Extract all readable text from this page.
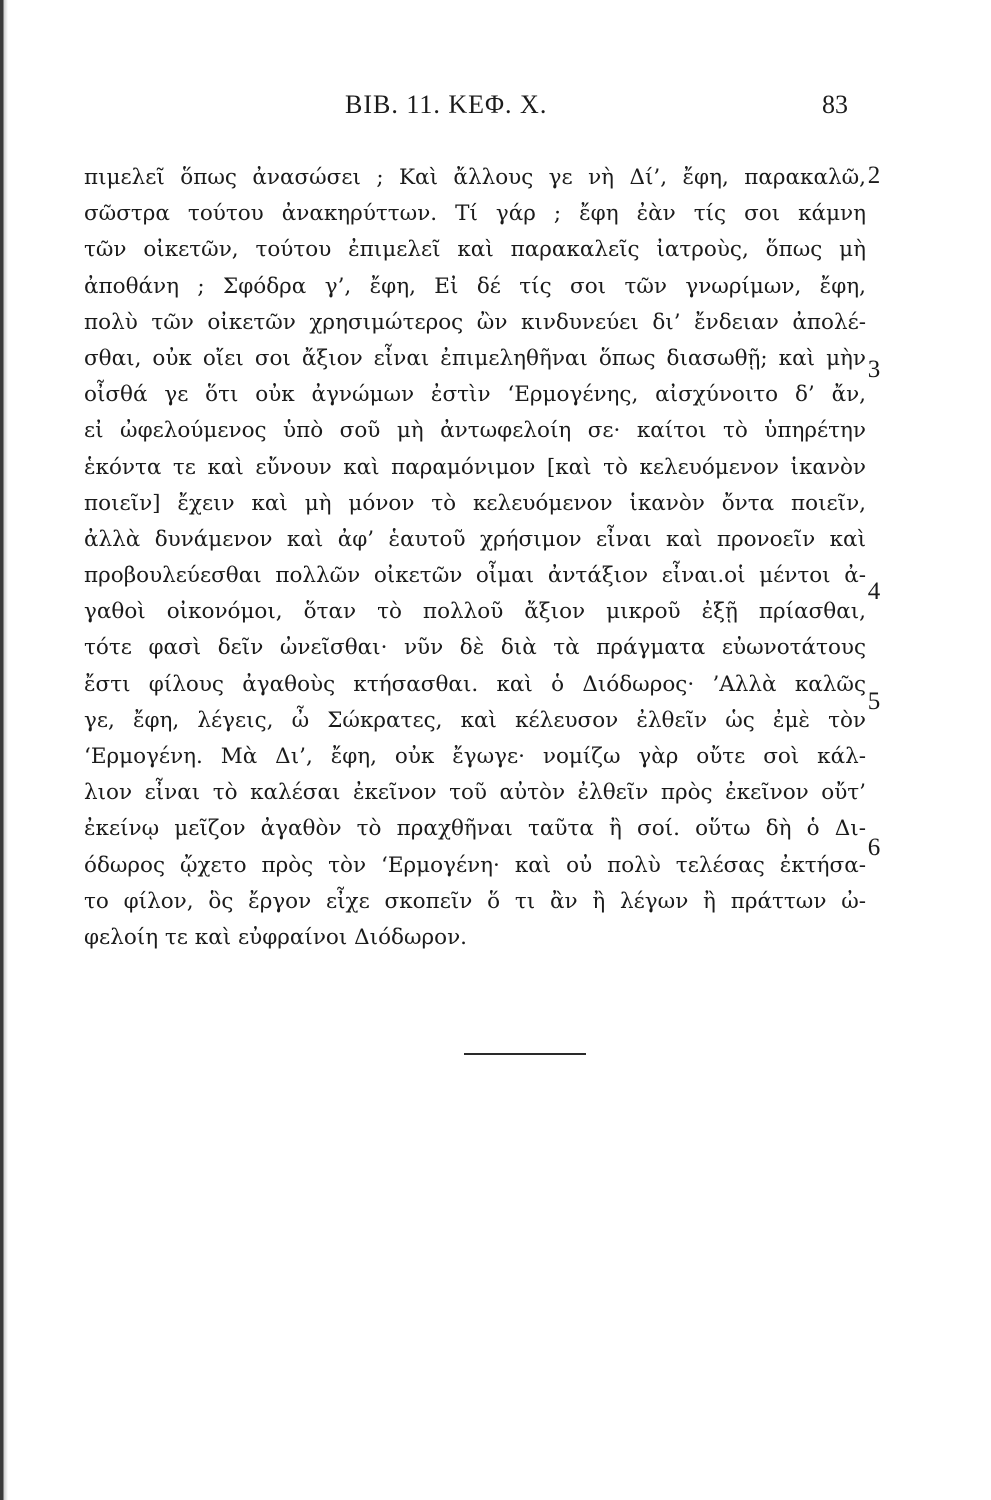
BIB. 11. ΚΕΦ. X.	83
πιμελεῖ ὅπως ἀνασώσει ; Καὶ ἄλλους γε νὴ Δί’, ἔφη, παρακαλῶ,
σῶστρα τούτου ἀνακηρύττων. Τί γάρ ; ἔφη ἐὰν τίς σοι κάμνη
τῶν οἰκετῶν, τούτου ἐπιμελεῖ καὶ παρακαλεῖς ἰατροὺς, ὅπως μὴ
ἀποθάνη ; Σφόδρα γ’, ἔφη, Εἰ δέ τίς σοι τῶν γνωρίμων, ἔφη,
πολὺ τῶν οἰκετῶν χρησιμώτερος ὢν κινδυνεύει δι’ ἔνδειαν ἀπολέ-
σθαι, οὐκ οἴει σοι ἄξιον εἶναι ἐπιμεληθῆναι ὅπως διασωθῇ; καὶ μὴν
οἶσθά γε ὅτι οὐκ ἀγνώμων ἐστὶν ‘Ερμογένης, αἰσχύνοιτο δ’ ἄν,
εἰ ὠφελούμενος ὑπὸ σοῦ μὴ ἀντωφελοίη σε· καίτοι τὸ ὑπηρέτην
ἑκόντα τε καὶ εὔνουν καὶ παραμόνιμον [καὶ τὸ κελευόμενον ἱκανὸν
ποιεῖν] ἔχειν καὶ μὴ μόνον τὸ κελευόμενον ἱκανὸν ὄντα ποιεῖν,
ἀλλὰ δυνάμενον καὶ ἀφ’ ἑαυτοῦ χρήσιμον εἶναι καὶ προνοεῖν καὶ
προβουλεύεσθαι πολλῶν οἰκετῶν οἶμαι ἀντάξιον εἶναι.οἱ μέντοι ἀ-
γαθοὶ οἰκονόμοι, ὅταν τὸ πολλοῦ ἄξιον μικροῦ ἐξῇ πρίασθαι,
τότε φασὶ δεῖν ὠνεῖσθαι· νῦν δὲ διὰ τὰ πράγματα εὐωνοτάτους
ἔστι φίλους ἀγαθοὺς κτήσασθαι. καὶ ὁ Διόδωρος· ’Αλλὰ καλῶς
γε, ἔφη, λέγεις, ὦ Σώκρατες, καὶ κέλευσον ἐλθεῖν ὡς ἐμὲ τὸν
‘Ερμογένη. Μὰ Δι’, ἔφη, οὐκ ἔγωγε· νομίζω γὰρ οὔτε σοὶ κάλ-
λιον εἶναι τὸ καλέσαι ἐκεῖνον τοῦ αὐτὸν ἐλθεῖν πρὸς ἐκεῖνον οὔτ’
ἐκείνῳ μεῖζον ἀγαθὸν τὸ πραχθῆναι ταῦτα ἢ σοί. οὕτω δὴ ὁ Δι-
όδωρος ᾤχετο πρὸς τὸν ‘Ερμογένη· καὶ οὐ πολὺ τελέσας ἐκτήσα-
το φίλον, ὃς ἔργον εἶχε σκοπεῖν ὅ τι ἂν ἢ λέγων ἢ πράττων ὠ-
φελοίη τε καὶ εὐφραίνοι Διόδωρον.
2
3
4
5
6
